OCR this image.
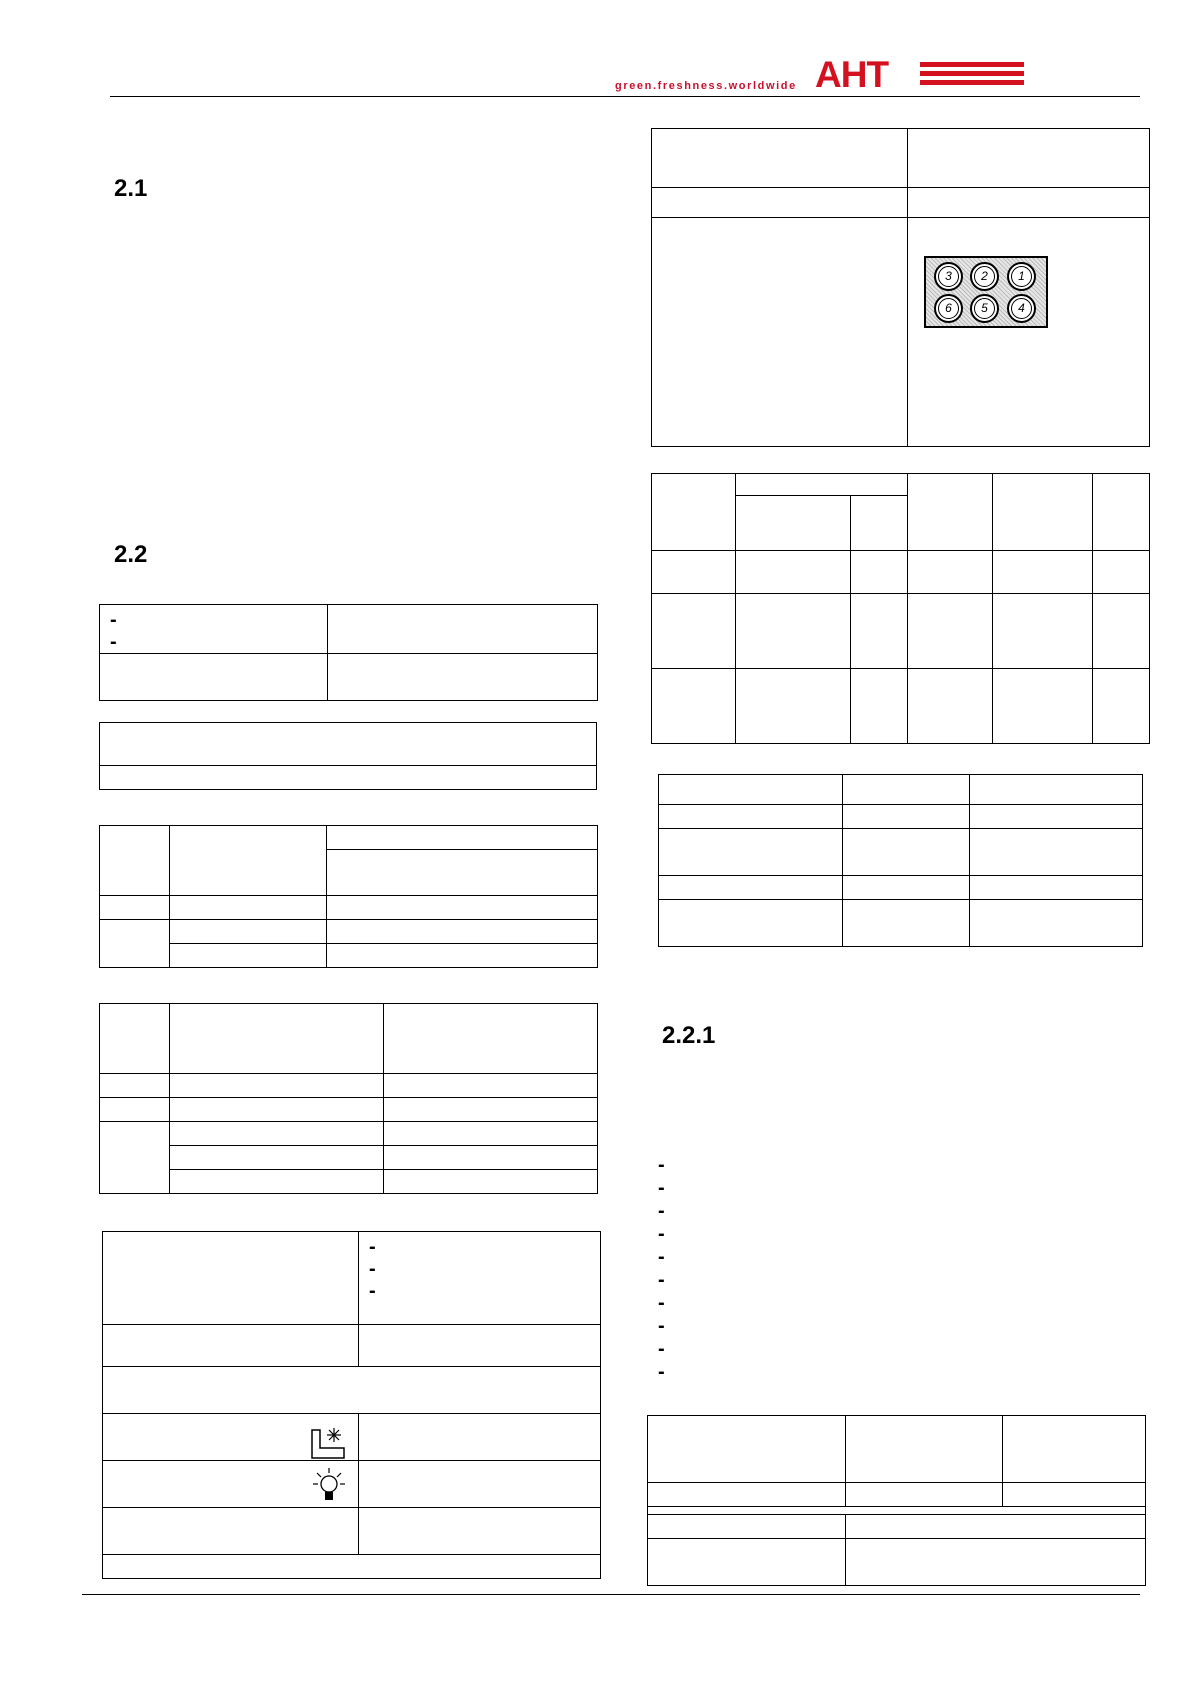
green.freshness.worldwide AHT
2.1
2.2
2.2.1
-
-	

	-
-
-

3	2	1
6	5	4

-
-
-
-
-
-
-
-
-
-
